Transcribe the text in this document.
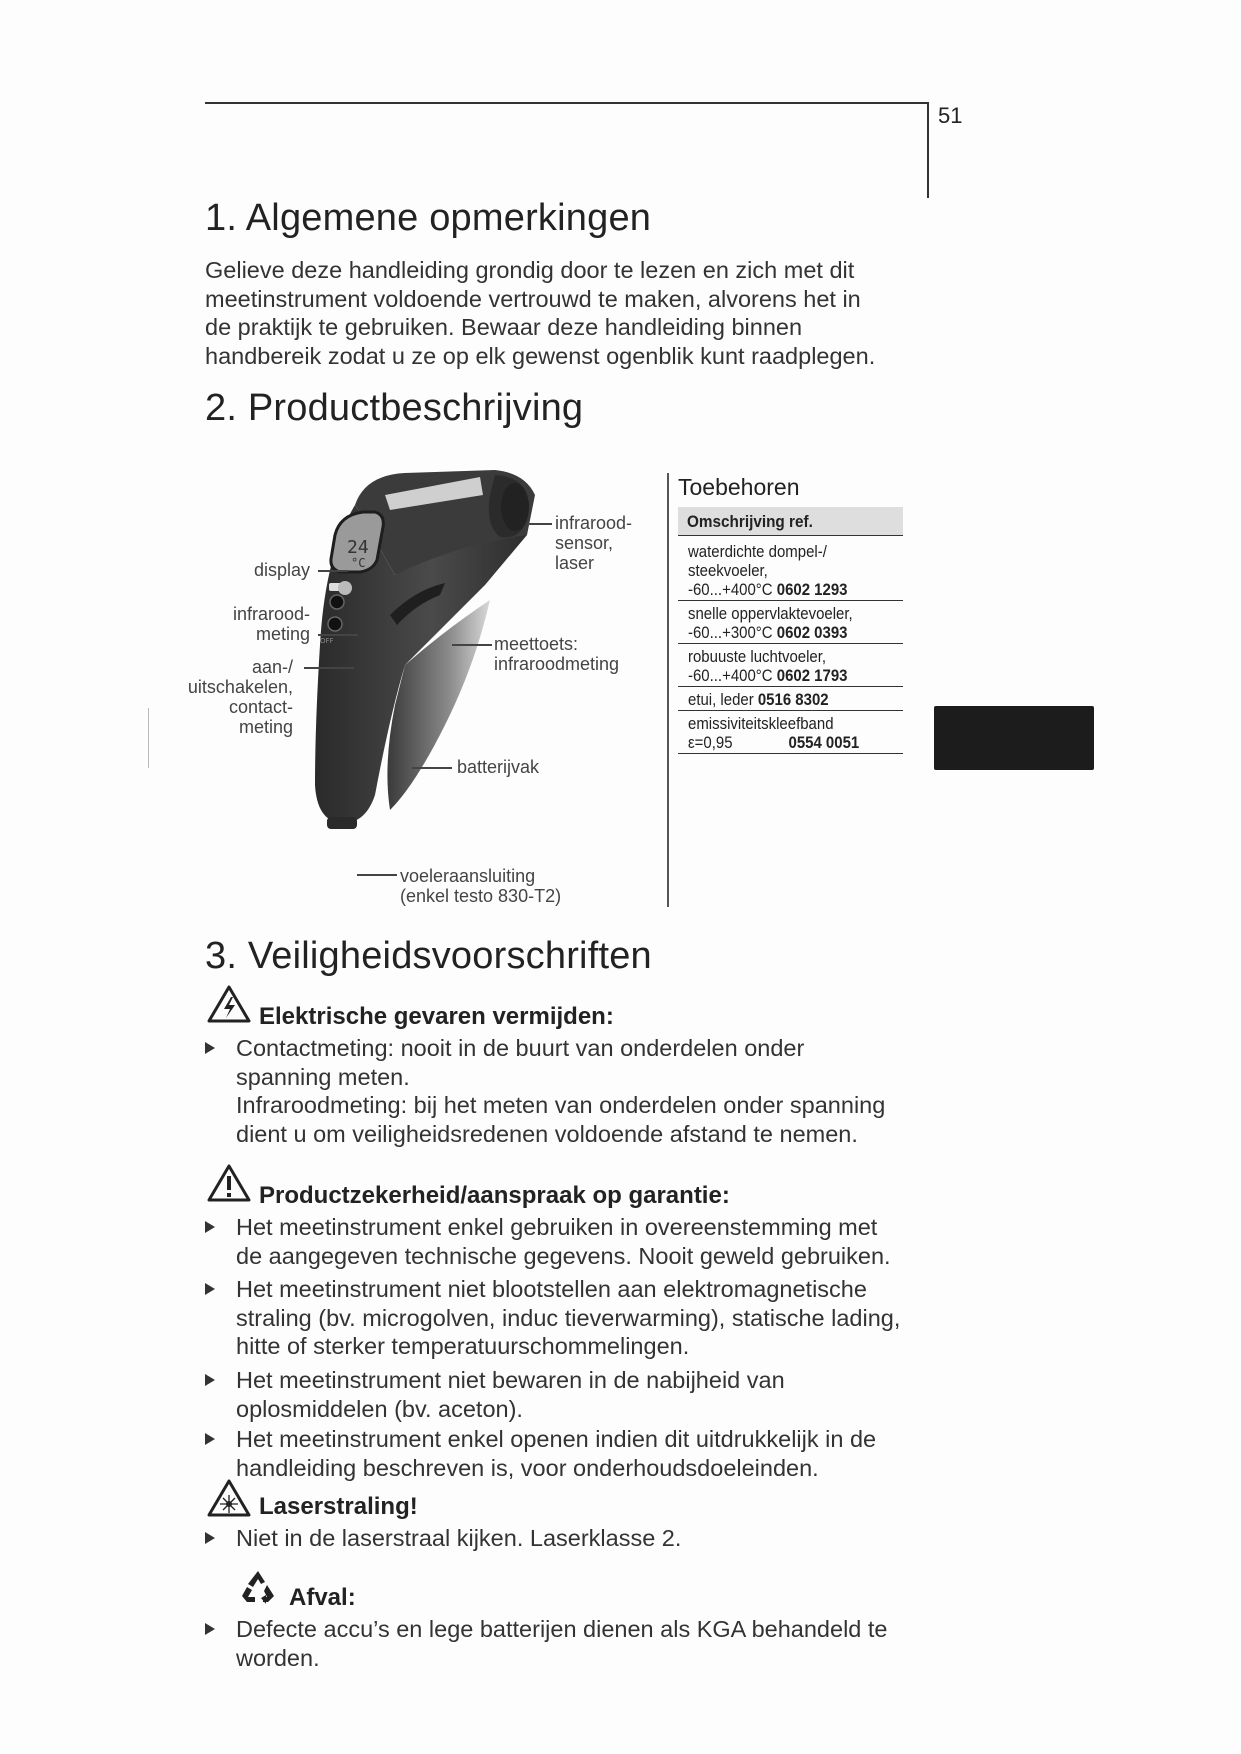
51
1. Algemene opmerkingen
Gelieve deze handleiding grondig door te lezen en zich met dit
meetinstrument voldoende vertrouwd te maken, alvorens het in
de praktijk te gebruiken. Bewaar deze handleiding binnen
handbereik zodat u ze op elk gewenst ogenblik kunt raadplegen.
2. Productbeschrijving
24
°C
OFF
infrarood-
sensor,
laser
display
infrarood-
meting	meettoets:
infraroodmeting
aan-/
uitschakelen,
contact-
meting
batterijvak
voeleraansluiting
(enkel testo 830-T2)
Toebehoren
Omschrijving ref.
waterdichte dompel-/
steekvoeler,
-60...+400°C 0602 1293
snelle oppervlaktevoeler,
-60...+300°C 0602 0393
robuuste luchtvoeler,
-60...+400°C 0602 1793
etui, leder 0516 8302
emissiviteitskleefband
ε=0,95	0554 0051
3. Veiligheidsvoorschriften
Elektrische gevaren vermijden:
Contactmeting: nooit in de buurt van onderdelen onder
spanning meten.
Infraroodmeting: bij het meten van onderdelen onder spanning
dient u om veiligheidsredenen voldoende afstand te nemen.
Productzekerheid/aanspraak op garantie:
Het meetinstrument enkel gebruiken in overeenstemming met
de aangegeven technische gegevens. Nooit geweld gebruiken.
Het meetinstrument niet blootstellen aan elektromagnetische
straling (bv. microgolven, induc tieverwarming), statische lading,
hitte of sterker temperatuurschommelingen.
Het meetinstrument niet bewaren in de nabijheid van
oplosmiddelen (bv. aceton).
Het meetinstrument enkel openen indien dit uitdrukkelijk in de
handleiding beschreven is, voor onderhoudsdoeleinden.
Laserstraling!
Niet in de laserstraal kijken. Laserklasse 2.
Afval:
Defecte accu’s en lege batterijen dienen als KGA behandeld te
worden.
